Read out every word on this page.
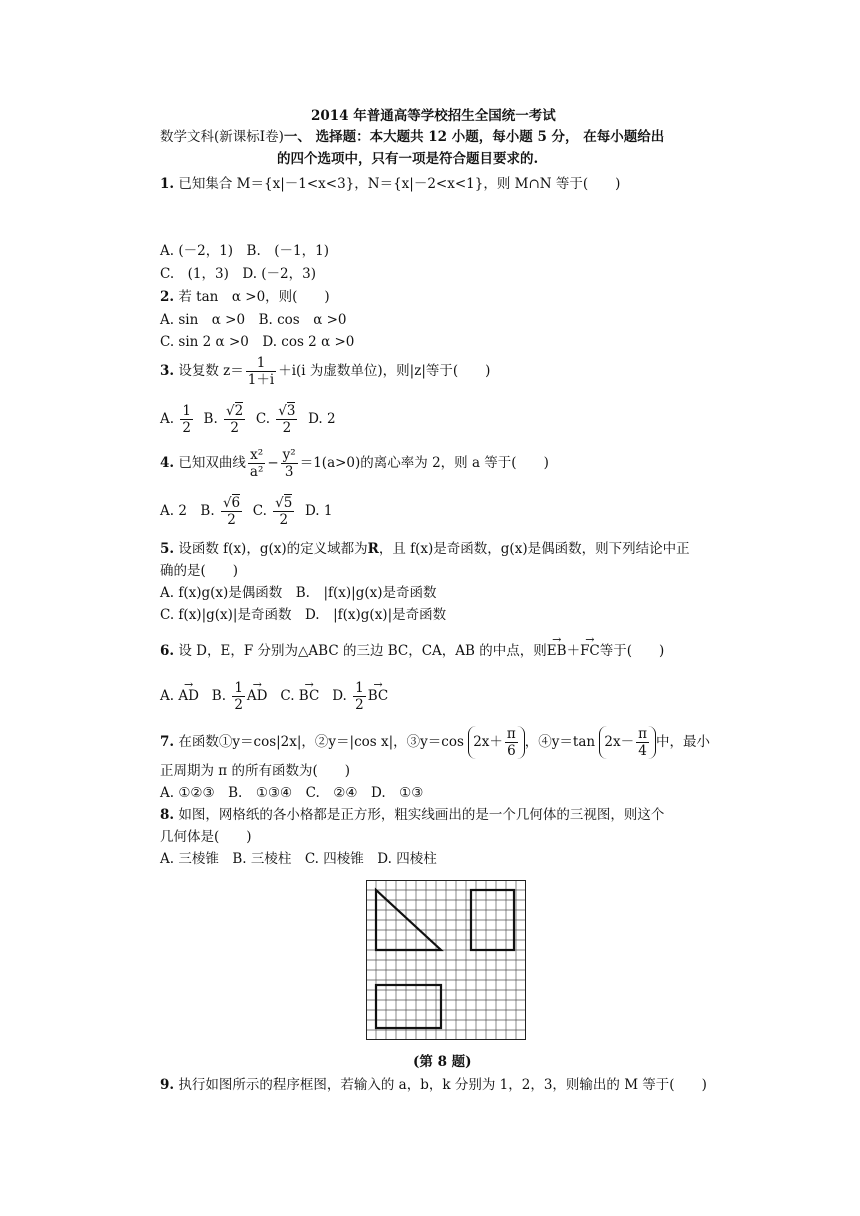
2014 年普通高等学校招生全国统一考试
数学文科(新课标Ⅰ卷)一、 选择题：本大题共 12 小题，每小题 5 分， 在每小题给出
的四个选项中，只有一项是符合题目要求的.
1. 已知集合 M＝{x|－1<x<3}，N＝{x|－2<x<1}，则 M∩N 等于(　　)
A. (－2，1)　B.　(－1，1)
C.　(1，3)　D. (－2，3)
2. 若 tan　α >0，则(　　)
A. sin　α >0　B. cos　α >0
C. sin 2 α >0　D. cos 2 α >0
3. 设复数 $z= \frac{1}{1+i} +i(i$ 为虚数单位)，则|z|等于(　　)
A. $\frac{1}{2} B$. √ $\frac{2}{2} C$. √ $\frac{3}{2} D$. 2
4. 已知双曲线 $\frac{\text{x²}}{\text{a²}} - \frac{\text{y²}}{3} =1(a>0)$的离心率为 2，则 a 等于(　　)
A. 2　B. √ $\frac{6}{2} C$. √ $\frac{5}{2} D$. 1
5. 设函数 f(x)，g(x)的定义域都为R，且 f(x)是奇函数，g(x)是偶函数，则下列结论中正
确的是(　　)
A. f(x)g(x)是偶函数　B.　|f(x)|g(x)是奇函数
C. f(x)|g(x)|是奇函数　D.　|f(x)g(x)|是奇函数
6. 设 D，E，F 分别为△ABC 的三边 BC，CA，AB 的中点，则→ EB＋→ FC等于(　　)
A. → AD B. $\frac{1}{2}$ → AD C. → BC D. $\frac{1}{2}$ → BC
7. 在函数①y＝cos|2x|，②y＝|cos x|，③y＝cos $2x+ \frac{\pi}{6}$ ，④y＝tan $2x- \frac{\pi}{4}$ 中，最小
正周期为 π 的所有函数为(　　)
A. ①②③　B.　①③④　C.　②④　D.　①③
8. 如图，网格纸的各小格都是正方形，粗实线画出的是一个几何体的三视图，则这个
几何体是(　　)
A. 三棱锥　B. 三棱柱　C. 四棱锥　D. 四棱柱
(第 8 题)
9. 执行如图所示的程序框图，若输入的 a，b，k 分别为 1，2，3，则输出的 M 等于(　　)
